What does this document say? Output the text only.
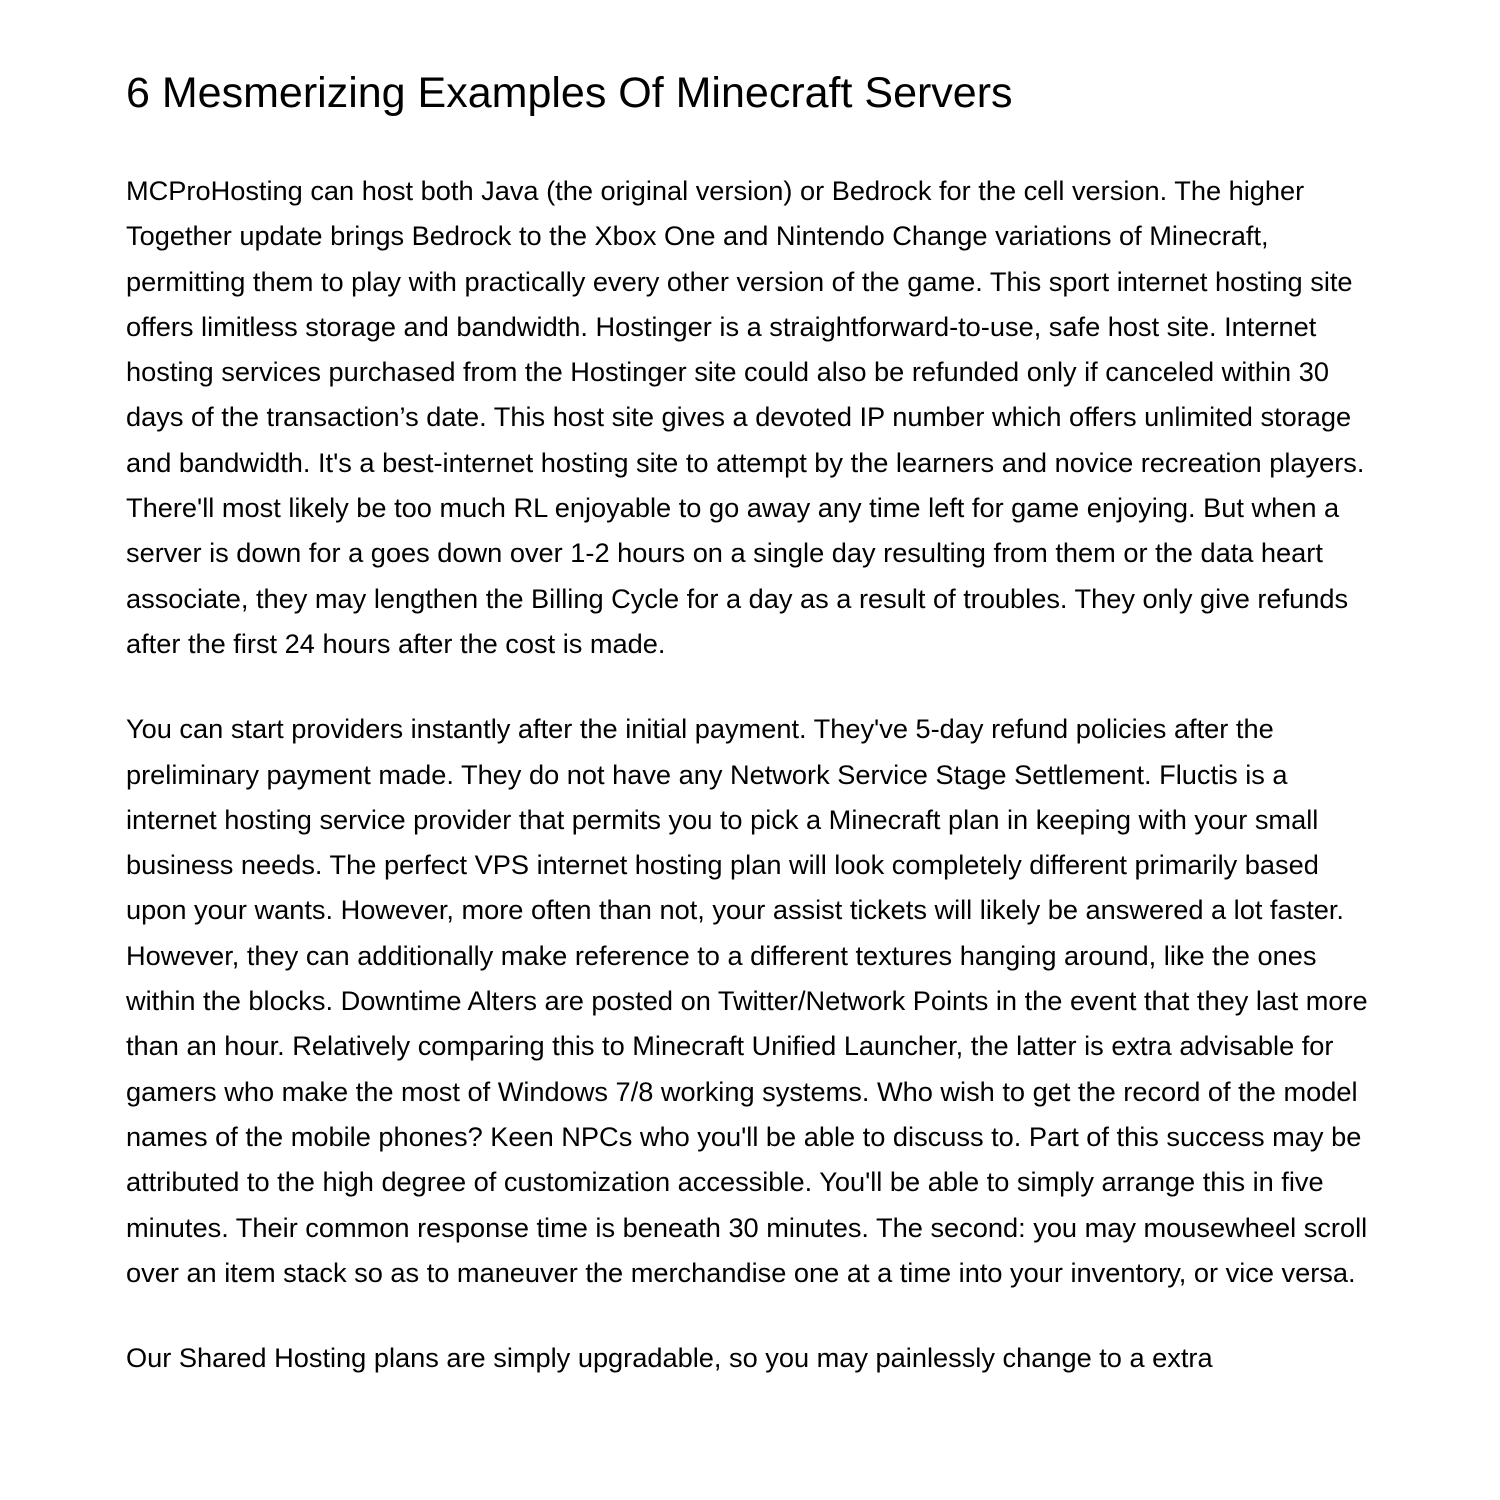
6 Mesmerizing Examples Of Minecraft Servers

MCProHosting can host both Java (the original version) or Bedrock for the cell version. The higher Together update brings Bedrock to the Xbox One and Nintendo Change variations of Minecraft, permitting them to play with practically every other version of the game. This sport internet hosting site offers limitless storage and bandwidth. Hostinger is a straightforward-to-use, safe host site. Internet hosting services purchased from the Hostinger site could also be refunded only if canceled within 30 days of the transaction’s date. This host site gives a devoted IP number which offers unlimited storage and bandwidth. It's a best-internet hosting site to attempt by the learners and novice recreation players. There'll most likely be too much RL enjoyable to go away any time left for game enjoying. But when a server is down for a goes down over 1-2 hours on a single day resulting from them or the data heart associate, they may lengthen the Billing Cycle for a day as a result of troubles. They only give refunds after the first 24 hours after the cost is made.

You can start providers instantly after the initial payment. They've 5-day refund policies after the preliminary payment made. They do not have any Network Service Stage Settlement. Fluctis is a internet hosting service provider that permits you to pick a Minecraft plan in keeping with your small business needs. The perfect VPS internet hosting plan will look completely different primarily based upon your wants. However, more often than not, your assist tickets will likely be answered a lot faster. However, they can additionally make reference to a different textures hanging around, like the ones within the blocks. Downtime Alters are posted on Twitter/Network Points in the event that they last more than an hour. Relatively comparing this to Minecraft Unified Launcher, the latter is extra advisable for gamers who make the most of Windows 7/8 working systems. Who wish to get the record of the model names of the mobile phones? Keen NPCs who you'll be able to discuss to. Part of this success may be attributed to the high degree of customization accessible. You'll be able to simply arrange this in five minutes. Their common response time is beneath 30 minutes. The second: you may mousewheel scroll over an item stack so as to maneuver the merchandise one at a time into your inventory, or vice versa.

Our Shared Hosting plans are simply upgradable, so you may painlessly change to a extra
